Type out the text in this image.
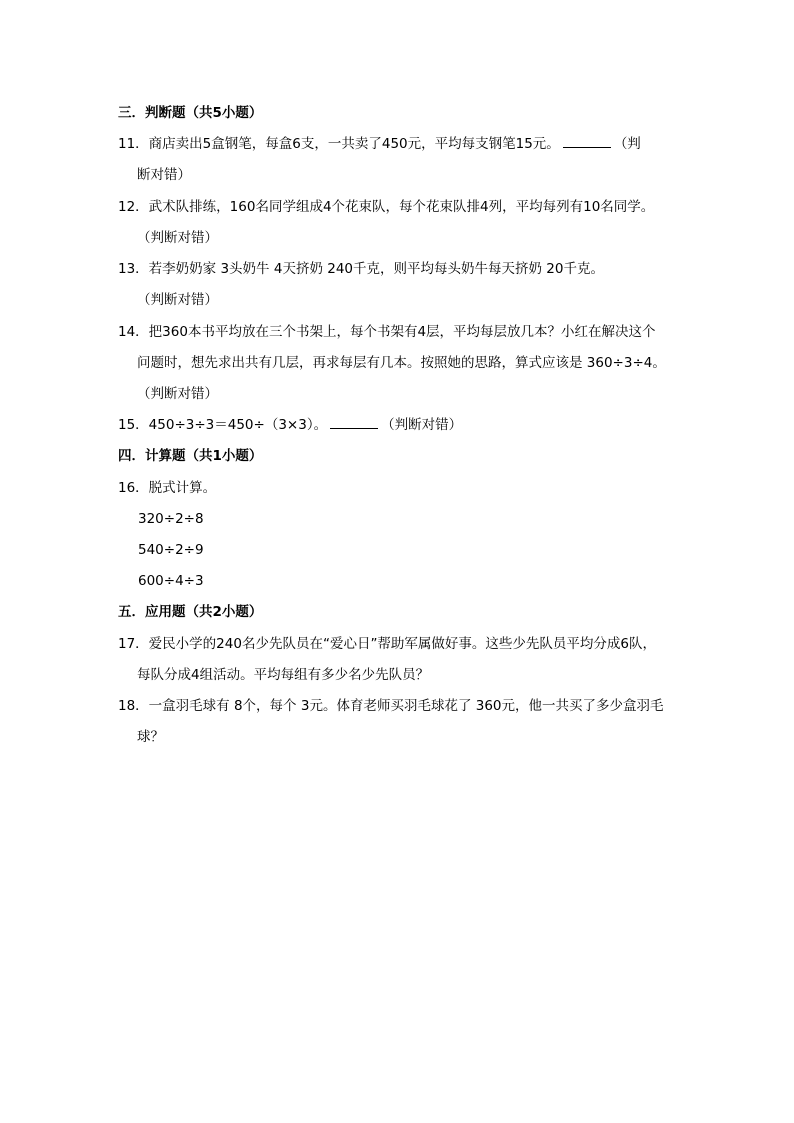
三．判断题（共5小题）
11．商店卖出5盒钢笔，每盒6支，一共卖了450元，平均每支钢笔15元。	（判
断对错）
12．武术队排练，160名同学组成4个花束队，每个花束队排4列，平均每列有10名同学。
（判断对错）
13．若李奶奶家 3头奶牛 4天挤奶 240千克，则平均每头奶牛每天挤奶 20千克。
（判断对错）
14．把360本书平均放在三个书架上，每个书架有4层，平均每层放几本？小红在解决这个
问题时，想先求出共有几层，再求每层有几本。按照她的思路，算式应该是 360÷3÷4。
（判断对错）
15．450÷3÷3＝450÷（3×3）。	（判断对错）
四．计算题（共1小题）
16．脱式计算。
320÷2÷8
540÷2÷9
600÷4÷3
五．应用题（共2小题）
17．爱民小学的240名少先队员在“爱心日”帮助军属做好事。这些少先队员平均分成6队，
每队分成4组活动。平均每组有多少名少先队员？
18．一盒羽毛球有 8个，每个 3元。体育老师买羽毛球花了 360元，他一共买了多少盒羽毛
球？
